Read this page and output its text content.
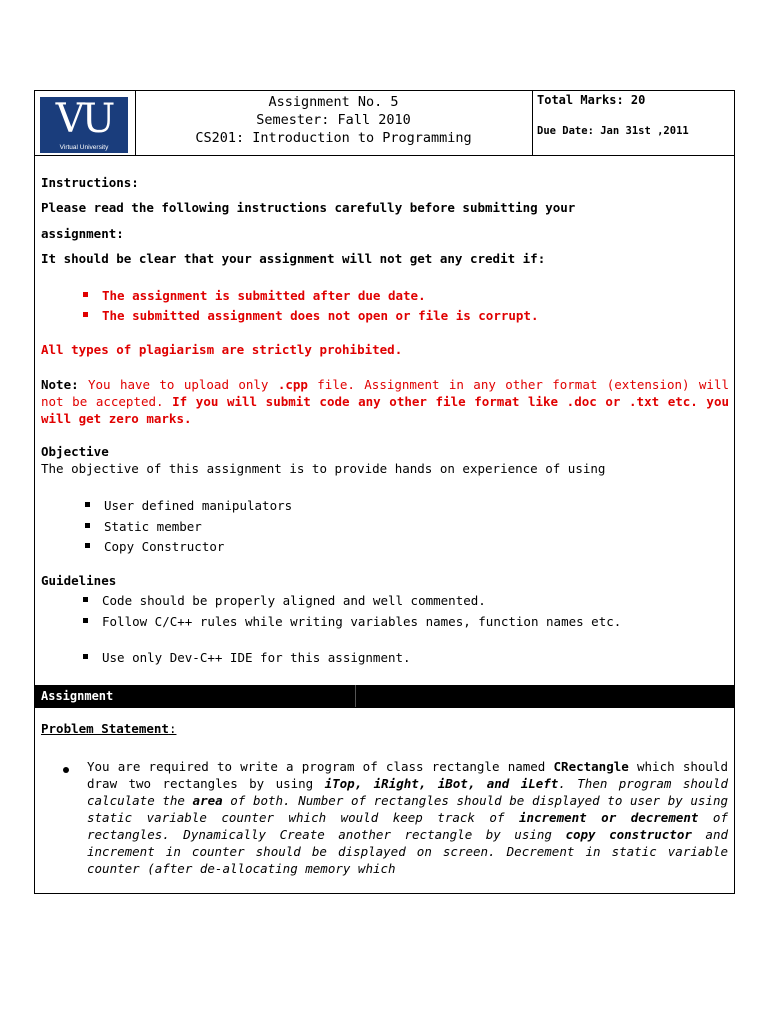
VU
Virtual University
Assignment No. 5
Semester: Fall 2010
CS201: Introduction to Programming
Total Marks: 20
Due Date: Jan 31st ,2011
Instructions:
Please read the following instructions carefully before submitting your
assignment:
It should be clear that your assignment will not get any credit if:
The assignment is submitted after due date.
The submitted assignment does not open or file is corrupt.
All types of plagiarism are strictly prohibited.
Note: You have to upload only .cpp file. Assignment in any other format (extension) will not be accepted. If you will submit code any other file format like .doc or .txt etc. you will get zero marks.
Objective
The objective of this assignment is to provide hands on experience of using
User defined manipulators
Static member
Copy Constructor
Guidelines
Code should be properly aligned and well commented.
Follow C/C++ rules while writing variables names, function names etc.
Use only Dev-C++ IDE for this assignment.
Assignment
Problem Statement:
You are required to write a program of class rectangle named CRectangle which should draw two rectangles by using iTop, iRight, iBot, and iLeft. Then program should calculate the area of both. Number of rectangles should be displayed to user by using static variable counter which would keep track of increment or decrement of rectangles. Dynamically Create another rectangle by using copy constructor and increment in counter should be displayed on screen. Decrement in static variable counter (after de-allocating memory which
